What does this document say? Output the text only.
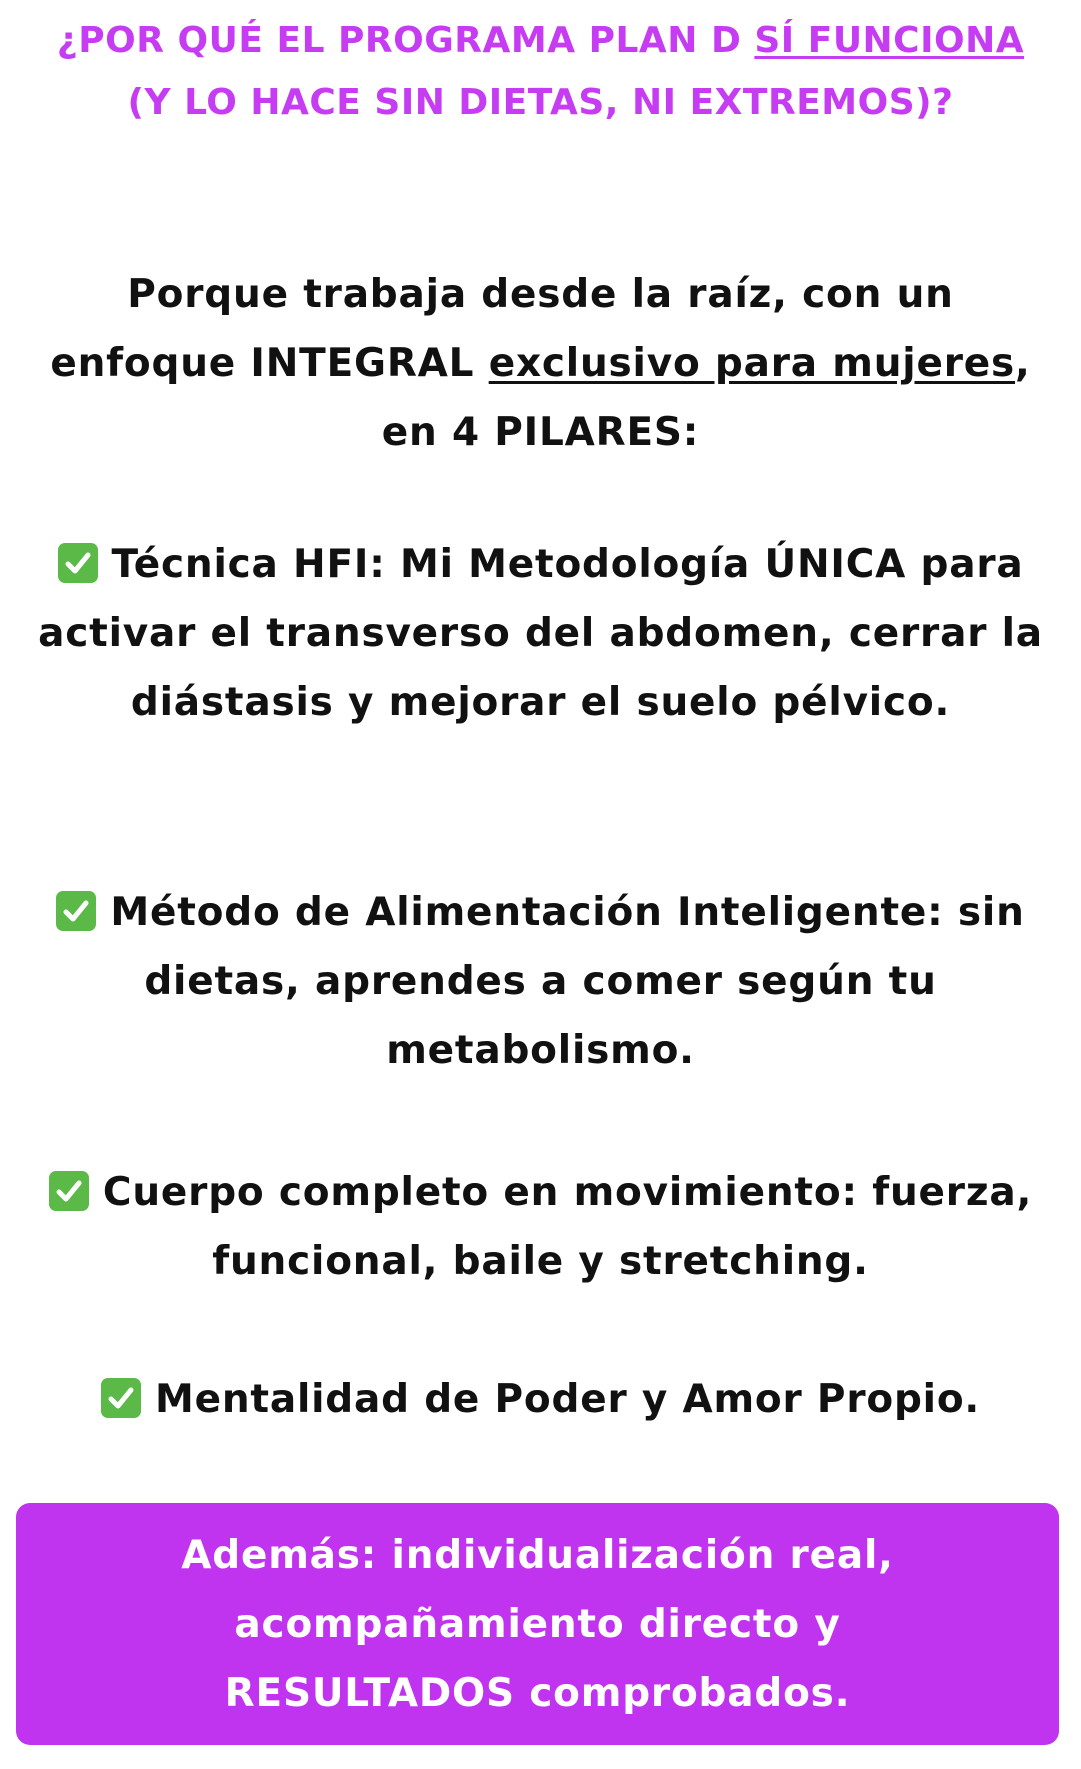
¿POR QUÉ EL PROGRAMA PLAN D SÍ FUNCIONA (Y LO HACE SIN DIETAS, NI EXTREMOS)?

Porque trabaja desde la raíz, con un enfoque INTEGRAL exclusivo para mujeres, en 4 PILARES:

Técnica HFI: Mi Metodología ÚNICA para activar el transverso del abdomen, cerrar la diástasis y mejorar el suelo pélvico.

Método de Alimentación Inteligente: sin dietas, aprendes a comer según tu metabolismo.

Cuerpo completo en movimiento: fuerza, funcional, baile y stretching.

Mentalidad de Poder y Amor Propio.

Además: individualización real,

acompañamiento directo y

RESULTADOS comprobados.
